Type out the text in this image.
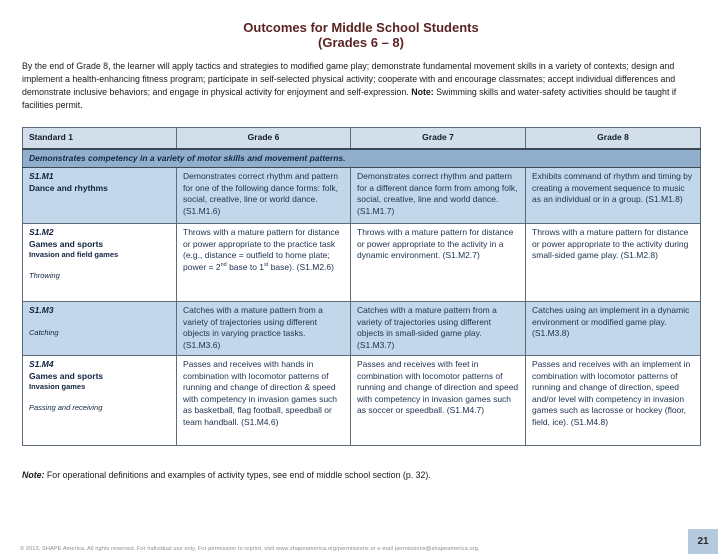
Outcomes for Middle School Students
(Grades 6 – 8)

By the end of Grade 8, the learner will apply tactics and strategies to modified game play; demonstrate fundamental movement skills in a variety of contexts; design and implement a health-enhancing fitness program; participate in self-selected physical activity; cooperate with and encourage classmates; accept individual differences and demonstrate inclusive behaviors; and engage in physical activity for enjoyment and self-expression. Note: Swimming skills and water-safety activities should be taught if facilities permit.

Standard 1	Grade 6	Grade 7	Grade 8
Demonstrates competency in a variety of motor skills and movement patterns.			

S1.M1
Dance and rhythms	Demonstrates correct rhythm and pattern for one of the following dance forms: folk, social, creative, line or world dance. (S1.M1.6)	Demonstrates correct rhythm and pattern for a different dance form from among folk, social, creative, line and world dance. (S1.M1.7)	Exhibits command of rhythm and timing by creating a movement sequence to music as an individual or in a group. (S1.M1.8)

S1.M2
Games and sports
Invasion and field games
Throwing	Throws with a mature pattern for distance or power appropriate to the practice task (e.g., distance = outfield to home plate; power = 2nd base to 1st base). (S1.M2.6)	Throws with a mature pattern for distance or power appropriate to the activity in a dynamic environment. (S1.M2.7)	Throws with a mature pattern for distance or power appropriate to the activity during small-sided game play. (S1.M2.8)

S1.M3
Catching	Catches with a mature pattern from a variety of trajectories using different objects in varying practice tasks. (S1.M3.6)	Catches with a mature pattern from a variety of trajectories using different objects in small-sided game play. (S1.M3.7)	Catches using an implement in a dynamic environment or modified game play. (S1.M3.8)

S1.M4
Games and sports
Invasion games
Passing and receiving
	Passes and receives with hands in combination with locomotor patterns of running and change of direction & speed with competency in invasion games such as basketball, flag football, speedball or team handball. (S1.M4.6)	Passes and receives with feet in combination with locomotor patterns of running and change of direction and speed with competency in invasion games such as soccer or speedball. (S1.M4.7)	Passes and receives with an implement in combination with locomotor patterns of running and change of direction, speed and/or level with competency in invasion games such as lacrosse or hockey (floor, field, ice). (S1.M4.8)

Note: For operational definitions and examples of activity types, see end of middle school section (p. 32).

© 2013, SHAPE America. All rights reserved. For individual use only. For permission to reprint, visit www.shapeamerica.org/permissions or e-mail permissions@shapeamerica.org.
21
